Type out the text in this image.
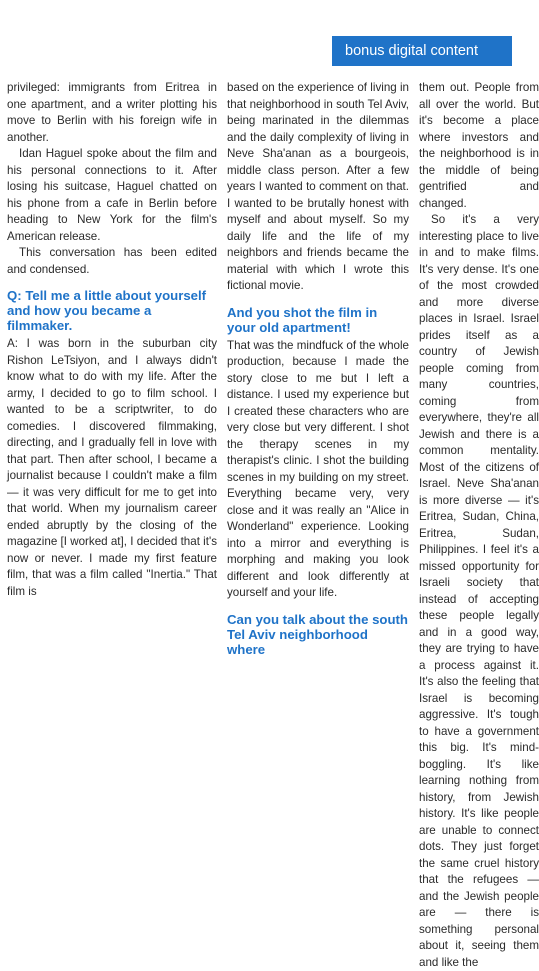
bonus digital content

privileged: immigrants from Eritrea in one apartment, and a writer plotting his move to Berlin with his foreign wife in another.

Idan Haguel spoke about the film and his personal connections to it. After losing his suitcase, Haguel chatted on his phone from a cafe in Berlin before heading to New York for the film's American release.

This conversation has been edited and condensed.

Q: Tell me a little about yourself and how you became a filmmaker.

A: I was born in the suburban city Rishon LeTsiyon, and I always didn't know what to do with my life. After the army, I decided to go to film school. I wanted to be a scriptwriter, to do comedies. I discovered filmmaking, directing, and I gradually fell in love with that part. Then after school, I became a journalist because I couldn't make a film — it was very difficult for me to get into that world. When my journalism career ended abruptly by the closing of the magazine [I worked at], I decided that it's now or never. I made my first feature film, that was a film called "Inertia." That film is

based on the experience of living in that neighborhood in south Tel Aviv, being marinated in the dilemmas and the daily complexity of living in Neve Sha'anan as a bourgeois, middle class person. After a few years I wanted to comment on that. I wanted to be brutally honest with myself and about myself. So my daily life and the life of my neighbors and friends became the material with which I wrote this fictional movie.

And you shot the film in your old apartment!

That was the mindfuck of the whole production, because I made the story close to me but I left a distance. I used my experience but I created these characters who are very close but very different. I shot the therapy scenes in my therapist's clinic. I shot the building scenes in my building on my street. Everything became very, very close and it was really an "Alice in Wonderland" experience. Looking into a mirror and everything is morphing and making you look different and look differently at yourself and your life.

Can you talk about the south Tel Aviv neighborhood where

them out. People from all over the world. But it's become a place where investors and the neighborhood is in the middle of being gentrified and changed.

So it's a very interesting place to live in and to make films. It's very dense. It's one of the most crowded and more diverse places in Israel. Israel prides itself as a country of Jewish people coming from many countries, coming from everywhere, they're all Jewish and there is a common mentality. Most of the citizens of Israel. Neve Sha'anan is more diverse — it's Eritrea, Sudan, China, Eritrea, Sudan, Philippines. I feel it's a missed opportunity for Israeli society that instead of accepting these people legally and in a good way, they are trying to have a process against it. It's also the feeling that Israel is becoming aggressive. It's tough to have a government this big. It's mind-boggling. It's like learning nothing from history, from Jewish history. It's like people are unable to connect dots. They just forget the same cruel history that the refugees — and the Jewish people are — there is something personal about it, seeing them and like the
